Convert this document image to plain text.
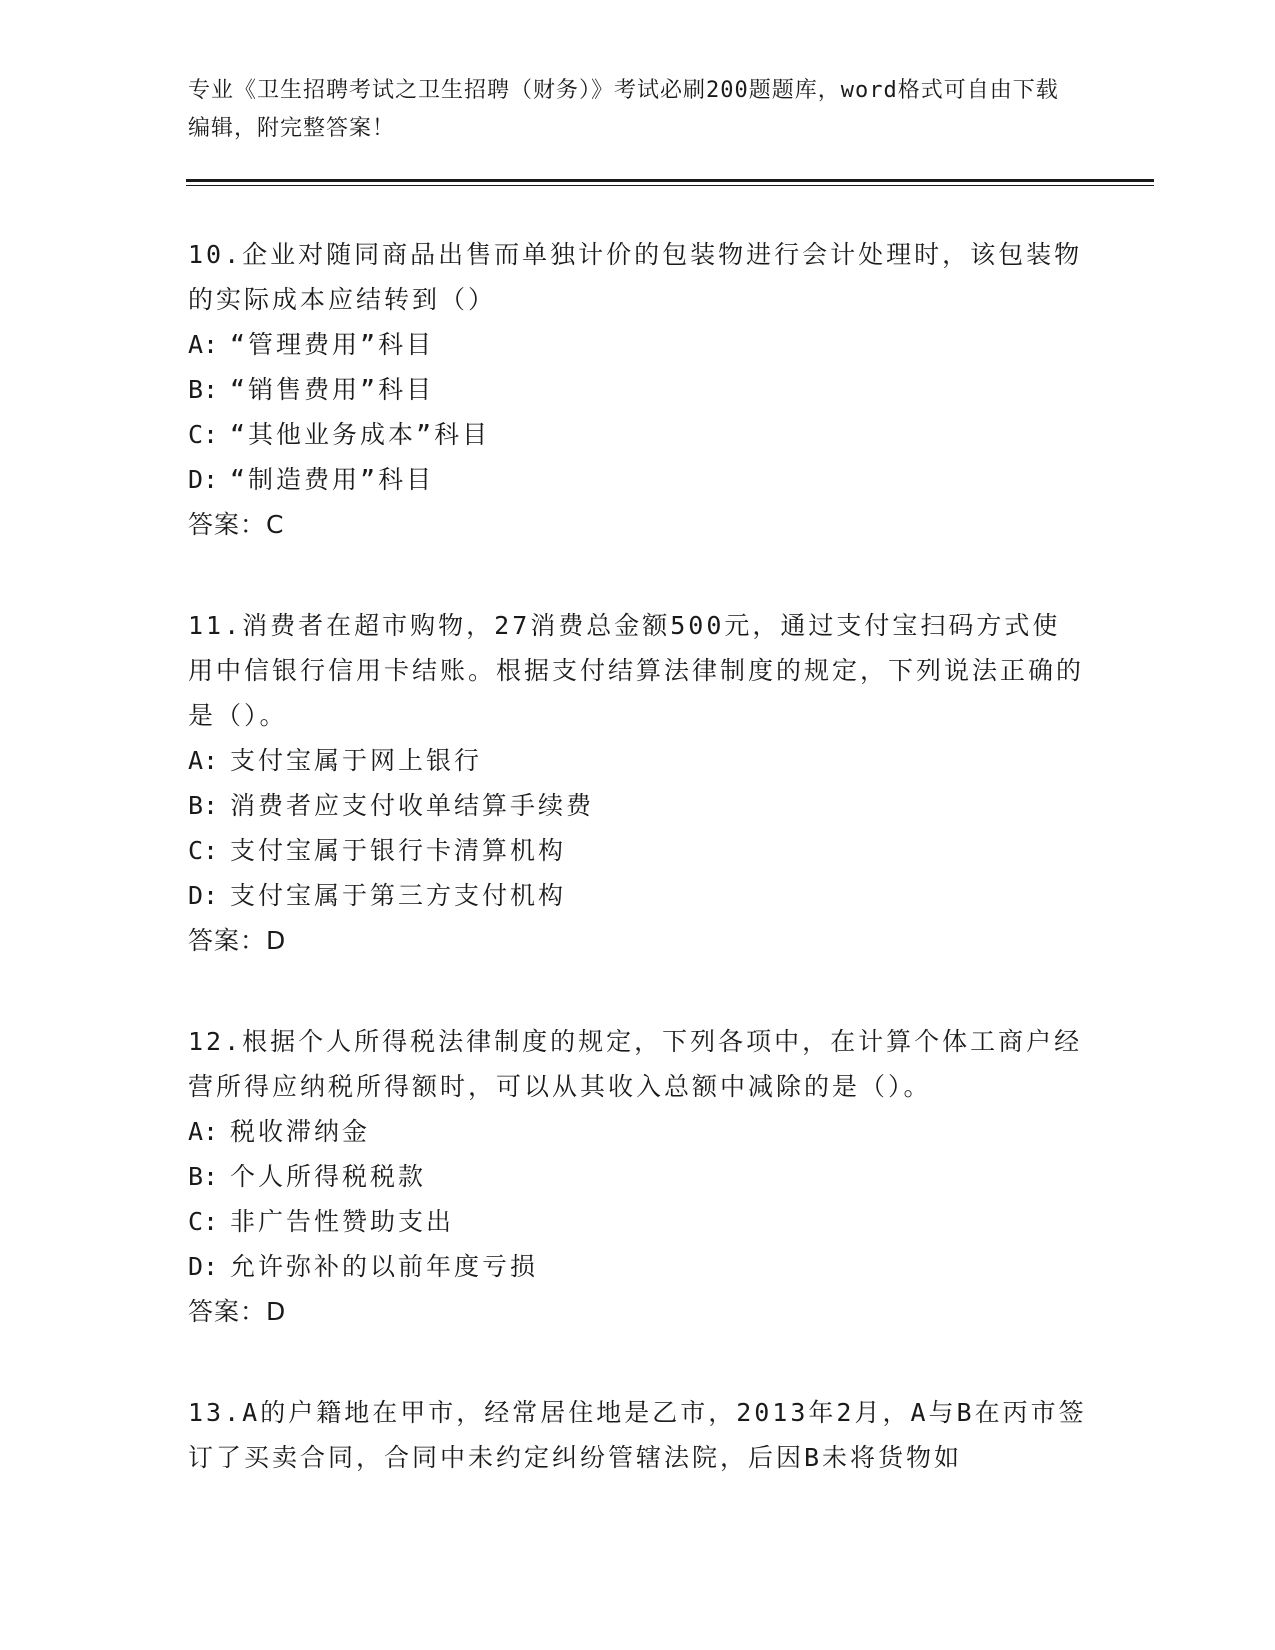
专业《卫生招聘考试之卫生招聘（财务）》考试必刷200题题库，word格式可自由下载编辑，附完整答案！
10.企业对随同商品出售而单独计价的包装物进行会计处理时，该包装物的实际成本应结转到（）
A: “管理费用”科目
B: “销售费用”科目
C: “其他业务成本”科目
D: “制造费用”科目
答案：C
11.消费者在超市购物，27消费总金额500元，通过支付宝扫码方式使用中信银行信用卡结账。根据支付结算法律制度的规定，下列说法正确的是（）。
A: 支付宝属于网上银行
B: 消费者应支付收单结算手续费
C: 支付宝属于银行卡清算机构
D: 支付宝属于第三方支付机构
答案：D
12.根据个人所得税法律制度的规定，下列各项中，在计算个体工商户经营所得应纳税所得额时，可以从其收入总额中减除的是（）。
A: 税收滞纳金
B: 个人所得税税款
C: 非广告性赞助支出
D: 允许弥补的以前年度亏损
答案：D
13.A的户籍地在甲市，经常居住地是乙市，2013年2月，A与B在丙市签订了买卖合同，合同中未约定纠纷管辖法院，后因B未将货物如
